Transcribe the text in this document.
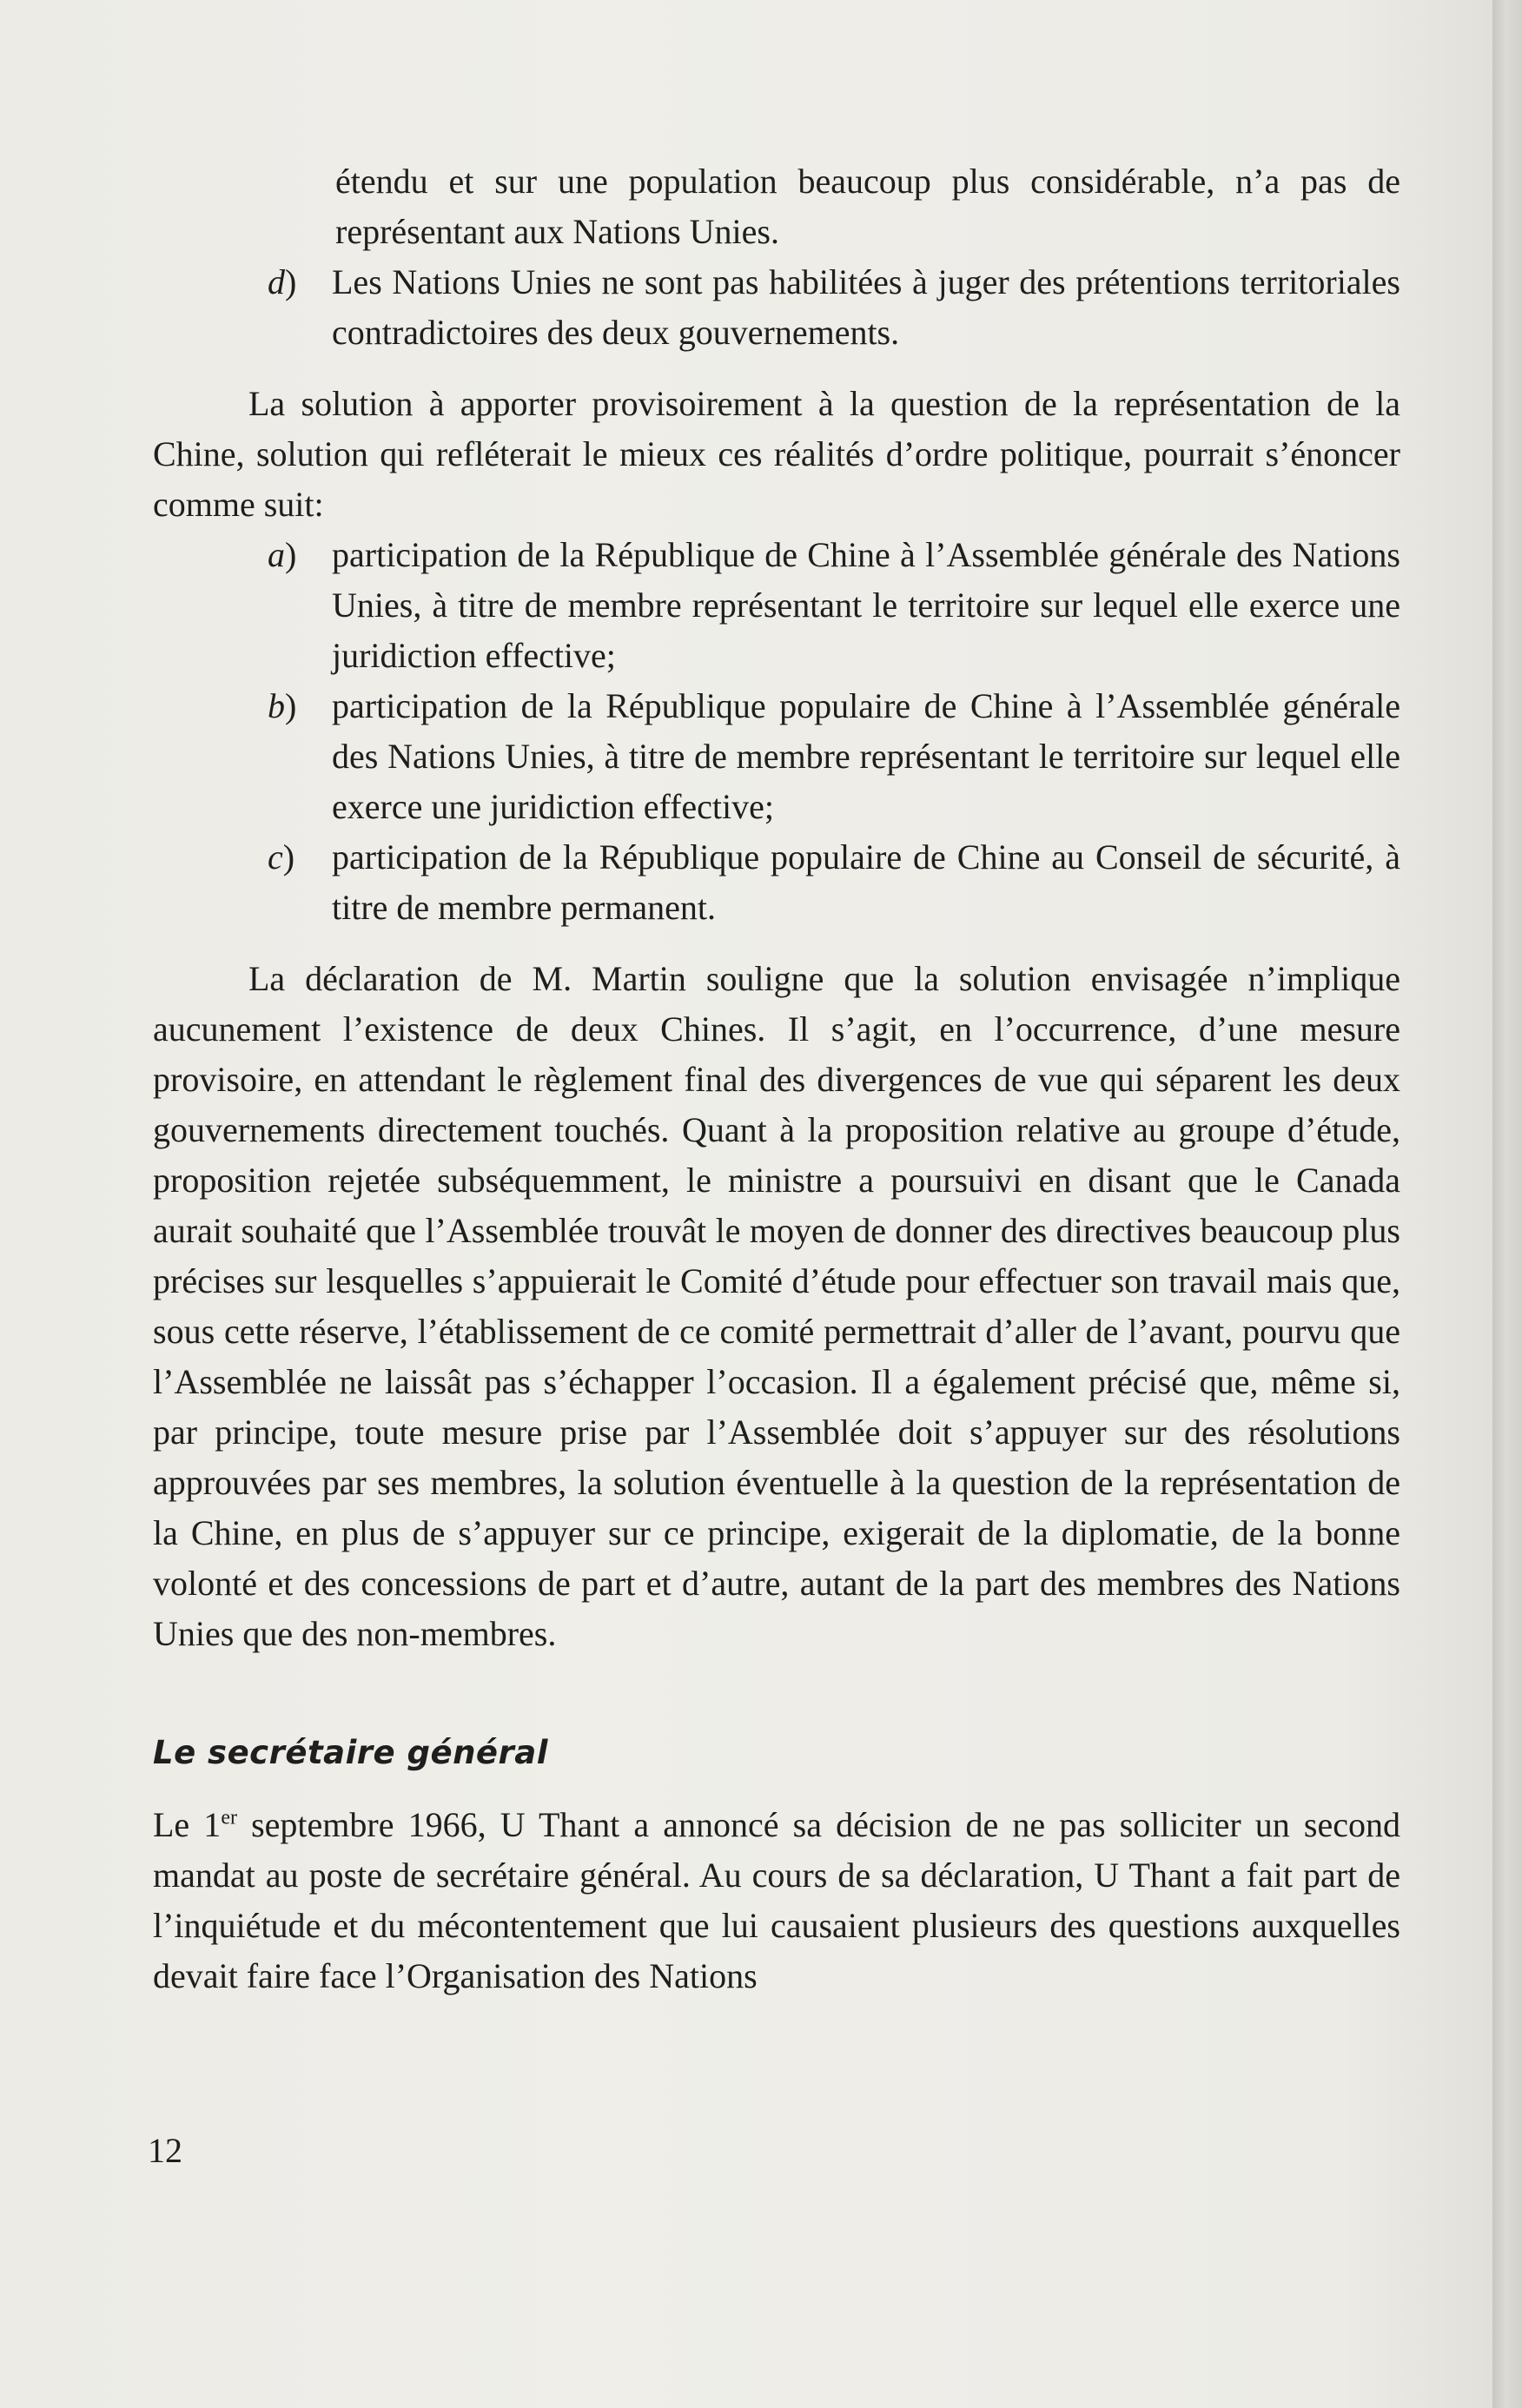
étendu et sur une population beaucoup plus considérable, n’a pas de représentant aux Nations Unies.

d) Les Nations Unies ne sont pas habilitées à juger des prétentions territoriales contradictoires des deux gouvernements.

La solution à apporter provisoirement à la question de la représentation de la Chine, solution qui refléterait le mieux ces réalités d’ordre politique, pourrait s’énoncer comme suit:

a) participation de la République de Chine à l’Assemblée générale des Nations Unies, à titre de membre représentant le territoire sur lequel elle exerce une juridiction effective;
b) participation de la République populaire de Chine à l’Assemblée générale des Nations Unies, à titre de membre représentant le territoire sur lequel elle exerce une juridiction effective;
c) participation de la République populaire de Chine au Conseil de sécurité, à titre de membre permanent.

La déclaration de M. Martin souligne que la solution envisagée n’implique aucunement l’existence de deux Chines. Il s’agit, en l’occurrence, d’une mesure provisoire, en attendant le règlement final des divergences de vue qui séparent les deux gouvernements directement touchés. Quant à la proposition relative au groupe d’étude, proposition rejetée subséquemment, le ministre a poursuivi en disant que le Canada aurait souhaité que l’Assemblée trouvât le moyen de donner des directives beaucoup plus précises sur lesquelles s’appuierait le Comité d’étude pour effectuer son travail mais que, sous cette réserve, l’établissement de ce comité permettrait d’aller de l’avant, pourvu que l’Assemblée ne laissât pas s’échapper l’occasion. Il a également précisé que, même si, par principe, toute mesure prise par l’Assemblée doit s’appuyer sur des résolutions approuvées par ses membres, la solution éventuelle à la question de la représentation de la Chine, en plus de s’appuyer sur ce principe, exigerait de la diplomatie, de la bonne volonté et des concessions de part et d’autre, autant de la part des membres des Nations Unies que des non-membres.

Le secrétaire général

Le 1er septembre 1966, U Thant a annoncé sa décision de ne pas solliciter un second mandat au poste de secrétaire général. Au cours de sa déclaration, U Thant a fait part de l’inquiétude et du mécontentement que lui causaient plusieurs des questions auxquelles devait faire face l’Organisation des Nations

12
